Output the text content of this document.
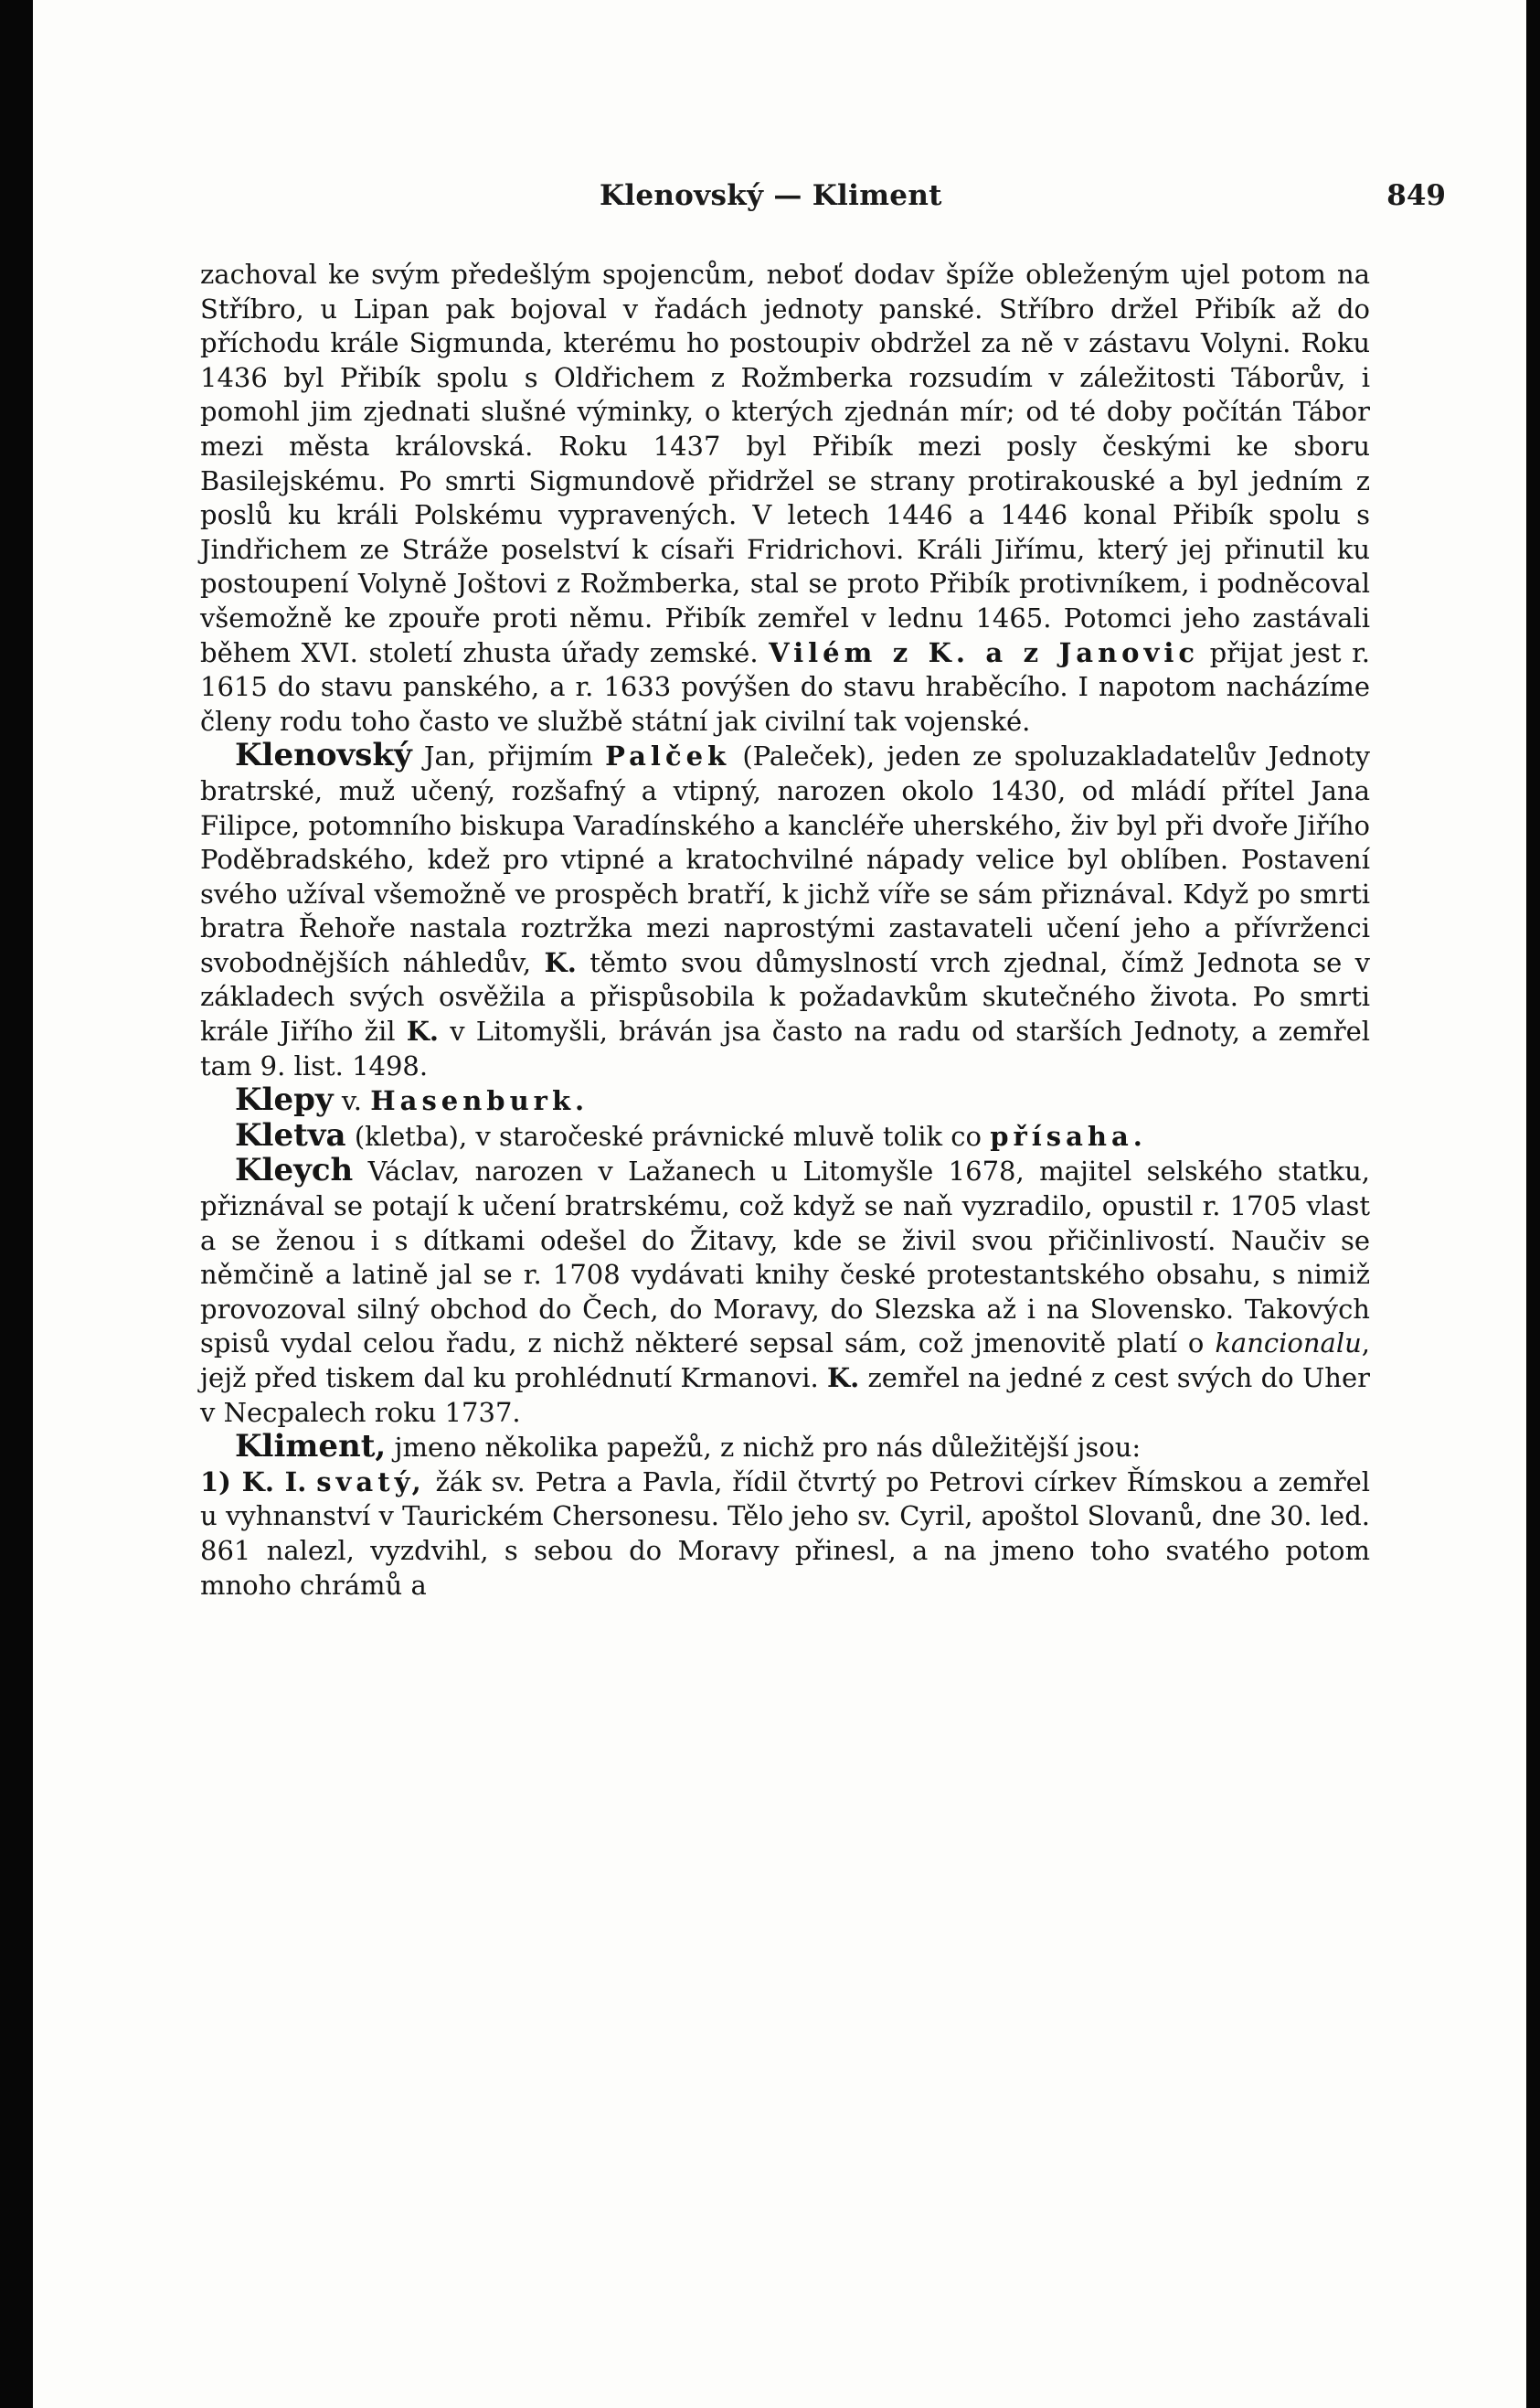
Klenovský — Kliment	849

zachoval ke svým předešlým spojencům, neboť dodav špíže obleženým ujel potom na Stříbro, u Lipan pak bojoval v řadách jednoty panské. Stříbro držel Přibík až do příchodu krále Sigmunda, kterému ho postoupiv obdržel za ně v zástavu Volyni. Roku 1436 byl Přibík spolu s Oldřichem z Rožmberka rozsudím v záležitosti Táborův, i pomohl jim zjednati slušné výminky, o kterých zjednán mír; od té doby počítán Tábor mezi města královská. Roku 1437 byl Přibík mezi posly českými ke sboru Basilejskému. Po smrti Sigmundově přidržel se strany protirakouské a byl jedním z poslů ku králi Polskému vypravených. V letech 1446 a 1446 konal Přibík spolu s Jindřichem ze Stráže poselství k císaři Fridrichovi. Králi Jiřímu, který jej přinutil ku postoupení Volyně Joštovi z Rožmberka, stal se proto Přibík protivníkem, i podněcoval všemožně ke zpouře proti němu. Přibík zemřel v lednu 1465. Potomci jeho zastávali během XVI. století zhusta úřady zemské. Vilém z K. a z Janovic přijat jest r. 1615 do stavu panského, a r. 1633 povýšen do stavu hraběcího. I napotom nacházíme členy rodu toho často ve službě státní jak civilní tak vojenské.

Klenovský Jan, přijmím Palček (Paleček), jeden ze spoluzakladatelův Jednoty bratrské, muž učený, rozšafný a vtipný, narozen okolo 1430, od mládí přítel Jana Filipce, potomního biskupa Varadínského a kancléře uherského, živ byl při dvoře Jiřího Poděbradského, kdež pro vtipné a kratochvilné nápady velice byl oblíben. Postavení svého užíval všemožně ve prospěch bratří, k jichž víře se sám přiznával. Když po smrti bratra Řehoře nastala roztržka mezi naprostými zastavateli učení jeho a přívrženci svobodnějších náhledův, K. těmto svou důmyslností vrch zjednal, čímž Jednota se v základech svých osvěžila a přispůsobila k požadavkům skutečného života. Po smrti krále Jiřího žil K. v Litomyšli, bráván jsa často na radu od starších Jednoty, a zemřel tam 9. list. 1498.

Klepy v. Hasenburk.

Kletva (kletba), v staročeské právnické mluvě tolik co přísaha.

Kleych Václav, narozen v Lažanech u Litomyšle 1678, majitel selského statku, přiznával se potají k učení bratrskému, což když se naň vyzradilo, opustil r. 1705 vlast a se ženou i s dítkami odešel do Žitavy, kde se živil svou přičinlivostí. Naučiv se němčině a latině jal se r. 1708 vydávati knihy české protestantského obsahu, s nimiž provozoval silný obchod do Čech, do Moravy, do Slezska až i na Slovensko. Takových spisů vydal celou řadu, z nichž některé sepsal sám, což jmenovitě platí o kancionalu, jejž před tiskem dal ku prohlédnutí Krmanovi. K. zemřel na jedné z cest svých do Uher v Necpalech roku 1737.

Kliment, jmeno několika papežů, z nichž pro nás důležitější jsou:
1) K. I. svatý, žák sv. Petra a Pavla, řídil čtvrtý po Petrovi církev Římskou a zemřel u vyhnanství v Taurickém Chersonesu. Tělo jeho sv. Cyril, apoštol Slovanů, dne 30. led. 861 nalezl, vyzdvihl, s sebou do Moravy přinesl, a na jmeno toho svatého potom mnoho chrámů a
